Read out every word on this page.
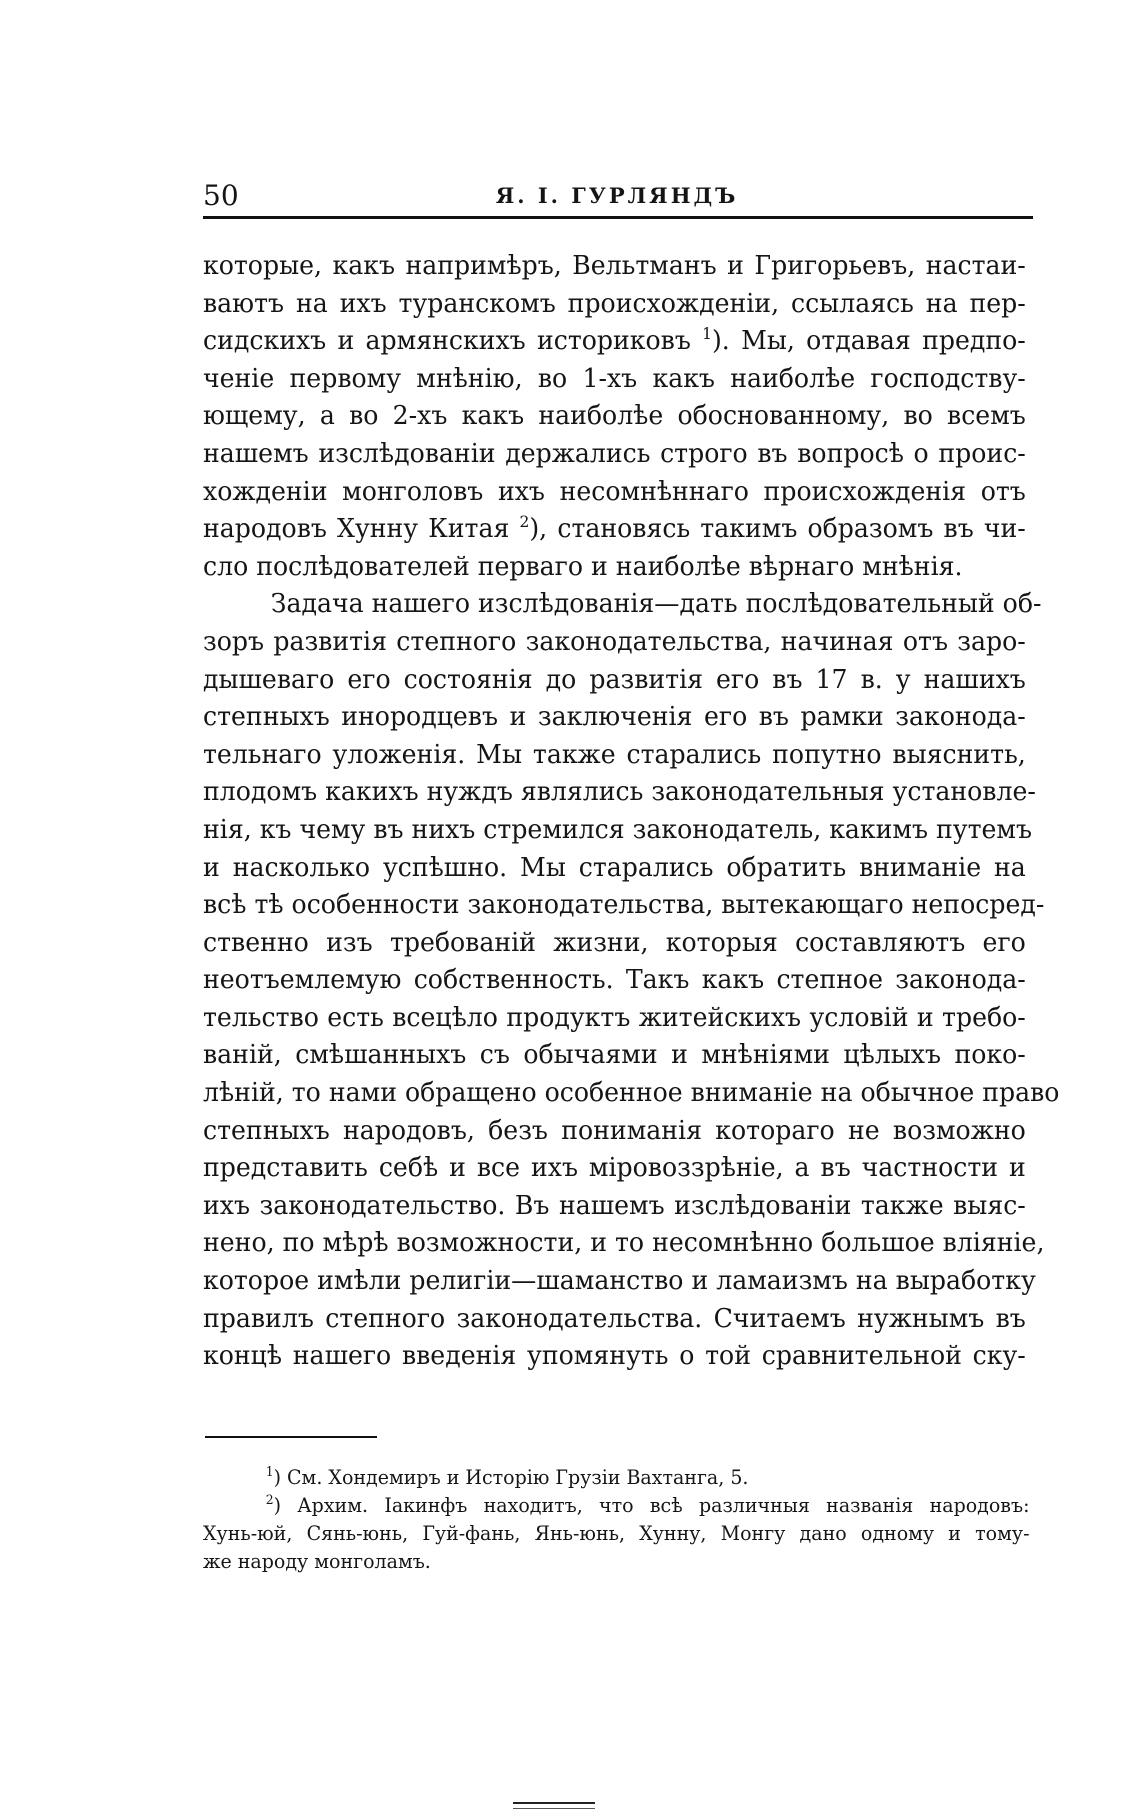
50	Я. I. ГУРЛЯНДЪ
которые, какъ напримѣръ, Вельтманъ и Григорьевъ, настаи-
ваютъ на ихъ туранскомъ происхожденіи, ссылаясь на пер-
сидскихъ и армянскихъ историковъ $^1$). Мы, отдавая предпо-
ченіе первому мнѣнію, во 1-хъ какъ наиболѣе господству-
ющему, а во 2-хъ какъ наиболѣе обоснованному, во всемъ
нашемъ изслѣдованіи держались строго въ вопросѣ о проис-
хожденіи монголовъ ихъ несомнѣннаго происхожденія отъ
народовъ Хунну Китая $^2$), становясь такимъ образомъ въ чи-
сло послѣдователей перваго и наиболѣе вѣрнаго мнѣнія.
Задача нашего изслѣдованія—дать послѣдовательный об-
зоръ развитія степного законодательства, начиная отъ заро-
дышеваго его состоянія до развитія его въ 17 в. у нашихъ
степныхъ инородцевъ и заключенія его въ рамки законода-
тельнаго уложенія. Мы также старались попутно выяснить,
плодомъ какихъ нуждъ являлись законодательныя установле-
нія, къ чему въ нихъ стремился законодатель, какимъ путемъ
и насколько успѣшно. Мы старались обратить вниманіе на
всѣ тѣ особенности законодательства, вытекающаго непосред-
ственно изъ требованій жизни, которыя составляютъ его
неотъемлемую собственность. Такъ какъ степное законода-
тельство есть всецѣло продуктъ житейскихъ условій и требо-
ваній, смѣшанныхъ съ обычаями и мнѣніями цѣлыхъ поко-
лѣній, то нами обращено особенное вниманіе на обычное право
степныхъ народовъ, безъ пониманія котораго не возможно
представить себѣ и все ихъ міровоззрѣніе, а въ частности и
ихъ законодательство. Въ нашемъ изслѣдованіи также выяс-
нено, по мѣрѣ возможности, и то несомнѣнно большое вліяніе,
которое имѣли религіи—шаманство и ламаизмъ на выработку
правилъ степного законодательства. Считаемъ нужнымъ въ
концѣ нашего введенія упомянуть о той сравнительной ску-
$^1$) См. Хондемиръ и Исторію Грузіи Вахтанга, 5.
$^2$) Архим. Іакинфъ находитъ, что всѣ различныя названія народовъ:
Хунь-юй, Сянь-юнь, Гуй-фань, Янь-юнь, Хунну, Монгу дано одному и тому-
же народу монголамъ.
